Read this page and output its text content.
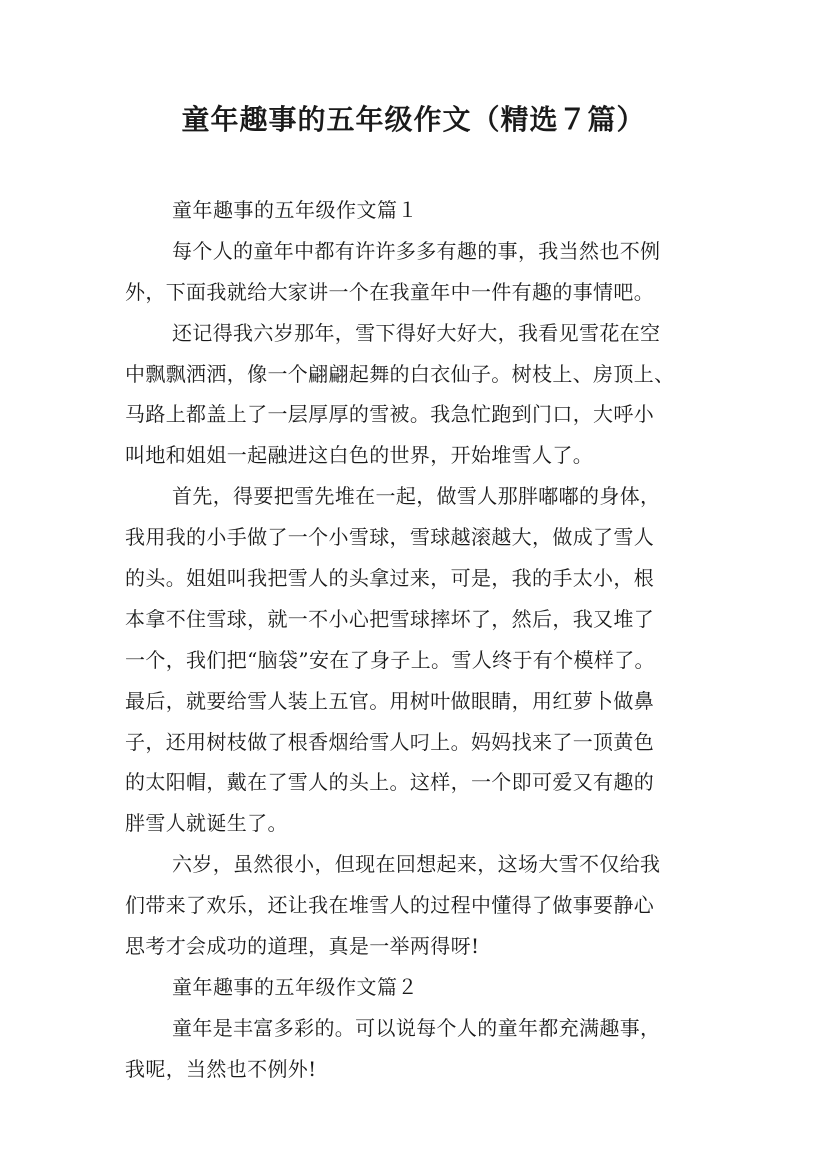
童年趣事的五年级作文（精选７篇）
童年趣事的五年级作文篇１
每个人的童年中都有许许多多有趣的事，我当然也不例
外，下面我就给大家讲一个在我童年中一件有趣的事情吧。
还记得我六岁那年，雪下得好大好大，我看见雪花在空
中飘飘洒洒，像一个翩翩起舞的白衣仙子。树枝上、房顶上、
马路上都盖上了一层厚厚的雪被。我急忙跑到门口，大呼小
叫地和姐姐一起融进这白色的世界，开始堆雪人了。
首先，得要把雪先堆在一起，做雪人那胖嘟嘟的身体，
我用我的小手做了一个小雪球，雪球越滚越大，做成了雪人
的头。姐姐叫我把雪人的头拿过来，可是，我的手太小，根
本拿不住雪球，就一不小心把雪球摔坏了，然后，我又堆了
一个，我们把“脑袋”安在了身子上。雪人终于有个模样了。
最后，就要给雪人装上五官。用树叶做眼睛，用红萝卜做鼻
子，还用树枝做了根香烟给雪人叼上。妈妈找来了一顶黄色
的太阳帽，戴在了雪人的头上。这样，一个即可爱又有趣的
胖雪人就诞生了。
六岁，虽然很小，但现在回想起来，这场大雪不仅给我
们带来了欢乐，还让我在堆雪人的过程中懂得了做事要静心
思考才会成功的道理，真是一举两得呀!
童年趣事的五年级作文篇２
童年是丰富多彩的。可以说每个人的童年都充满趣事，
我呢，当然也不例外!
